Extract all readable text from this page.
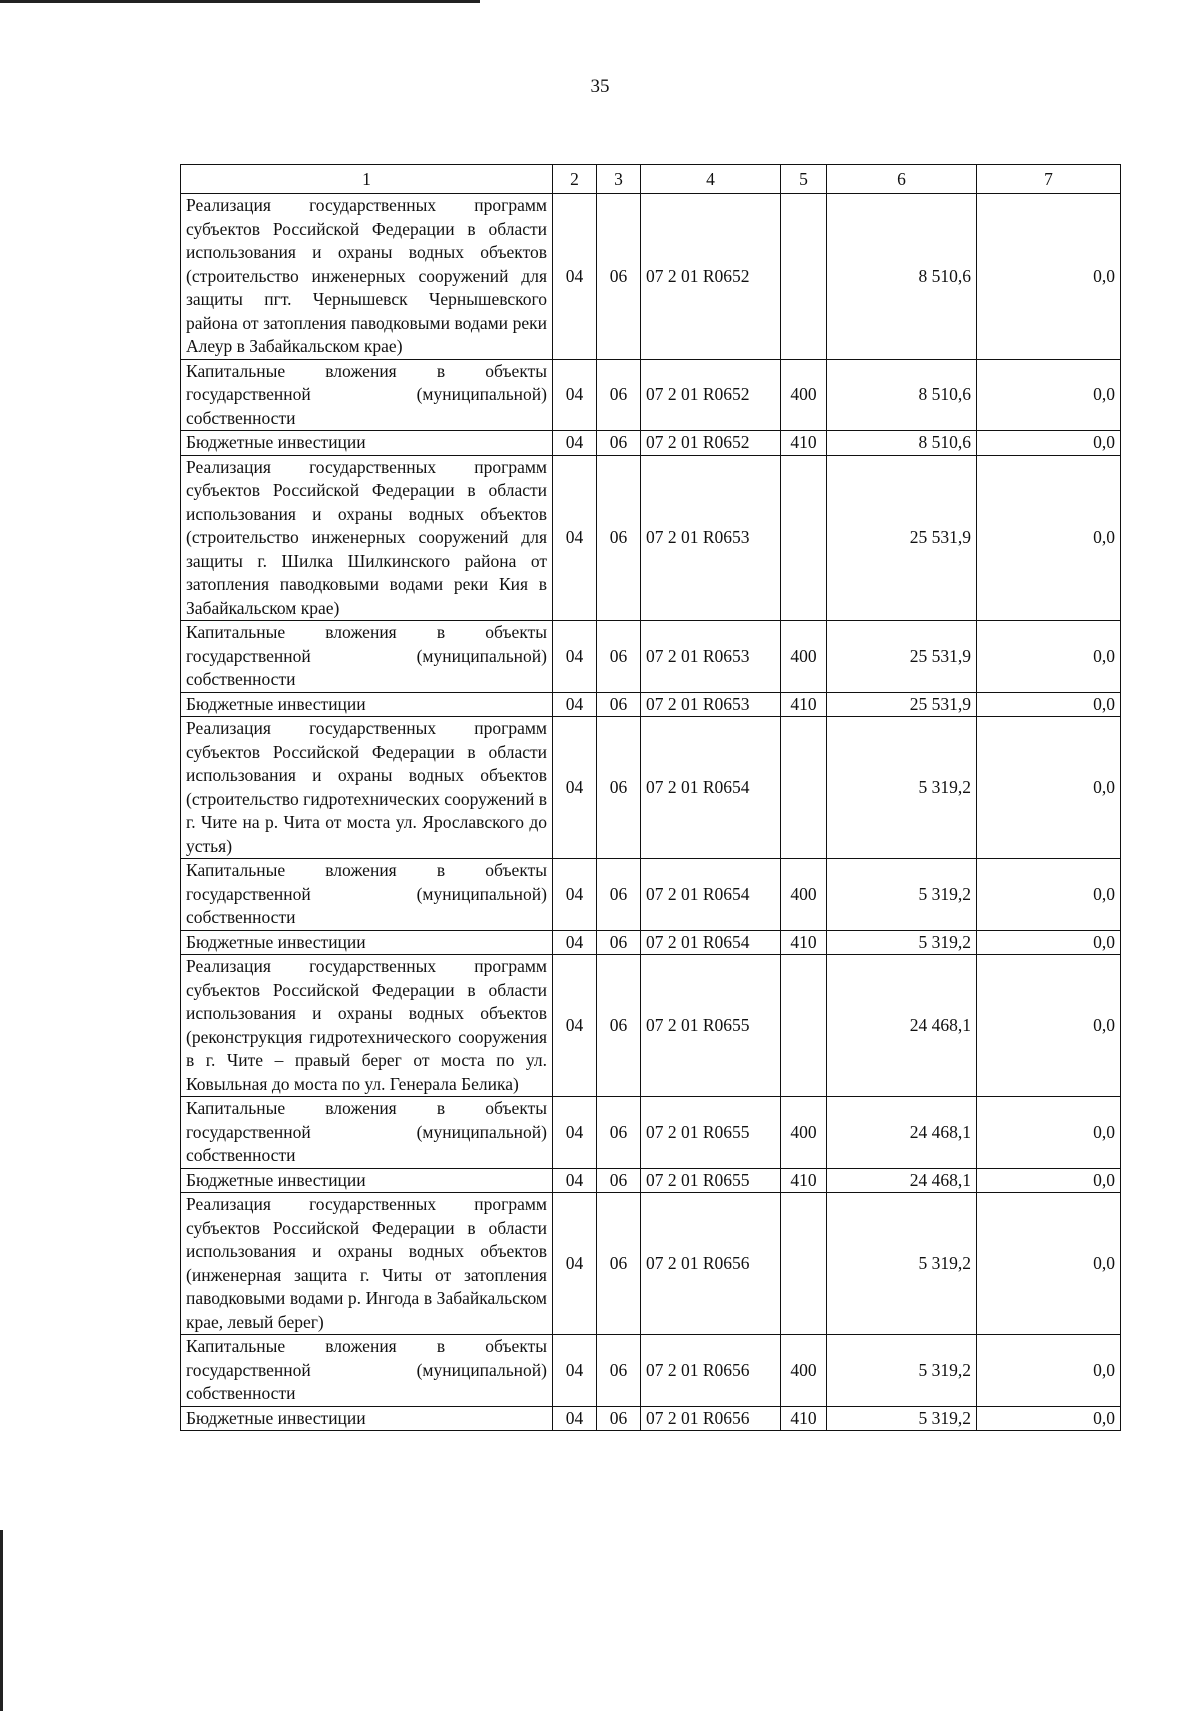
35
1	2	3	4	5	6	7
Реализация государственных программ субъектов Российской Федерации в области использования и охраны водных объектов (строительство инженерных сооружений для защиты пгт. Чернышевск Чернышевского района от затопления паводковыми водами реки Алеур в Забайкальском крае)	04	06	07 2 01 R0652		8 510,6	0,0
Капитальные вложения в объекты государственной (муниципальной) собственности	04	06	07 2 01 R0652	400	8 510,6	0,0
Бюджетные инвестиции	04	06	07 2 01 R0652	410	8 510,6	0,0
Реализация государственных программ субъектов Российской Федерации в области использования и охраны водных объектов (строительство инженерных сооружений для защиты г. Шилка Шилкинского района от затопления паводковыми водами реки Кия в Забайкальском крае)	04	06	07 2 01 R0653		25 531,9	0,0
Капитальные вложения в объекты государственной (муниципальной) собственности	04	06	07 2 01 R0653	400	25 531,9	0,0
Бюджетные инвестиции	04	06	07 2 01 R0653	410	25 531,9	0,0
Реализация государственных программ субъектов Российской Федерации в области использования и охраны водных объектов (строительство гидротехнических сооружений в г. Чите на р. Чита от моста ул. Ярославского до устья)	04	06	07 2 01 R0654		5 319,2	0,0
Капитальные вложения в объекты государственной (муниципальной) собственности	04	06	07 2 01 R0654	400	5 319,2	0,0
Бюджетные инвестиции	04	06	07 2 01 R0654	410	5 319,2	0,0
Реализация государственных программ субъектов Российской Федерации в области использования и охраны водных объектов (реконструкция гидротехнического сооружения в г. Чите – правый берег от моста по ул. Ковыльная до моста по ул. Генерала Белика)	04	06	07 2 01 R0655		24 468,1	0,0
Капитальные вложения в объекты государственной (муниципальной) собственности	04	06	07 2 01 R0655	400	24 468,1	0,0
Бюджетные инвестиции	04	06	07 2 01 R0655	410	24 468,1	0,0
Реализация государственных программ субъектов Российской Федерации в области использования и охраны водных объектов (инженерная защита г. Читы от затопления паводковыми водами р. Ингода в Забайкальском крае, левый берег)	04	06	07 2 01 R0656		5 319,2	0,0
Капитальные вложения в объекты государственной (муниципальной) собственности	04	06	07 2 01 R0656	400	5 319,2	0,0
Бюджетные инвестиции	04	06	07 2 01 R0656	410	5 319,2	0,0
